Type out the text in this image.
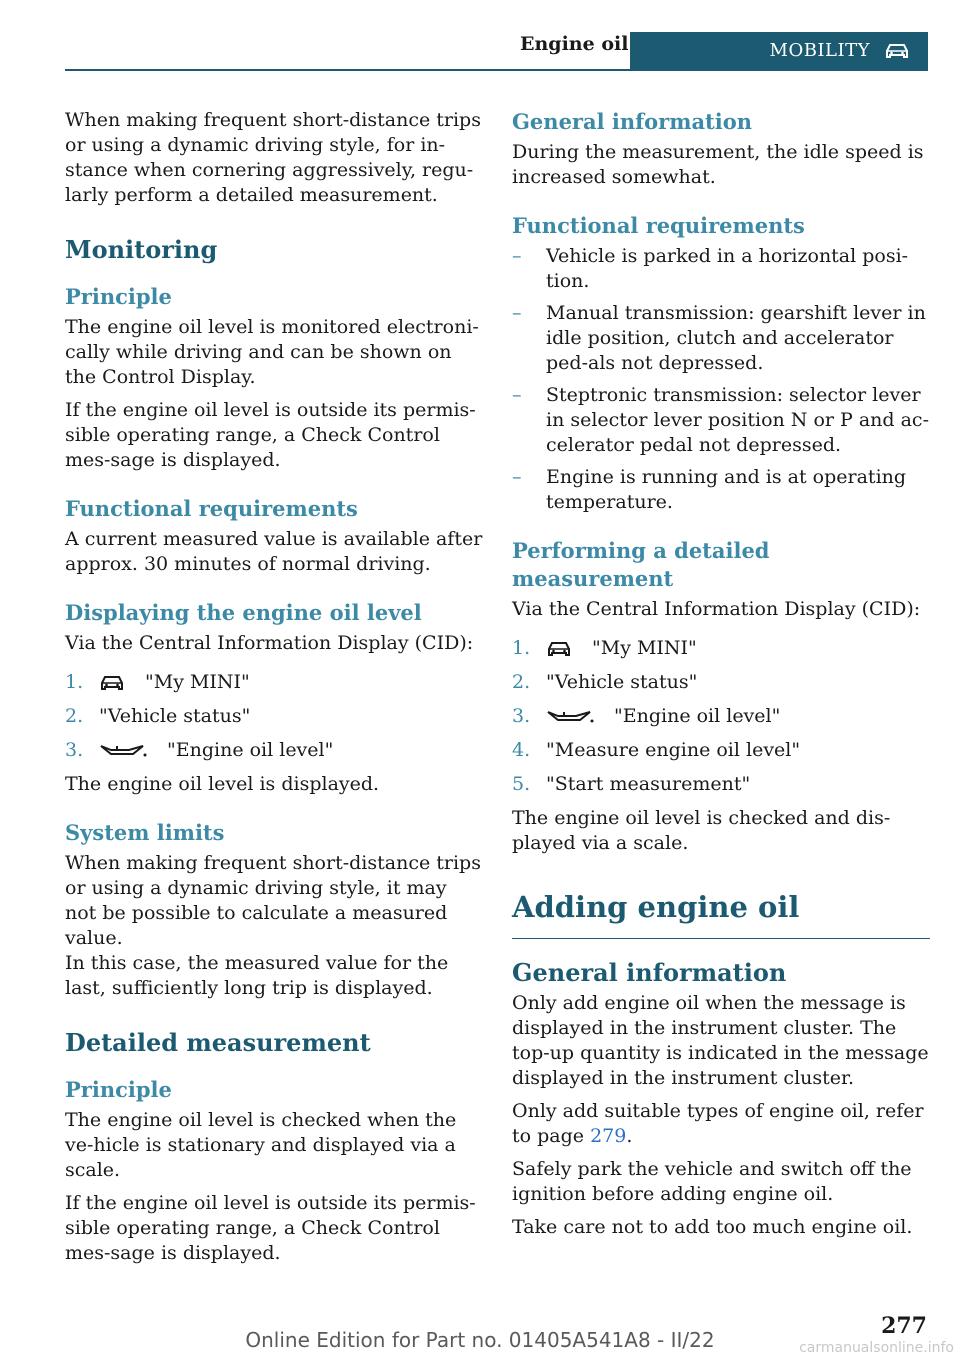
Engine oil	MOBILITY

When making frequent short-distance trips or using a dynamic driving style, for in-stance when cornering aggressively, regu-larly perform a detailed measurement.

Monitoring
Principle

The engine oil level is monitored electroni-cally while driving and can be shown on the Control Display.

If the engine oil level is outside its permis-sible operating range, a Check Control mes-sage is displayed.

Functional requirements

A current measured value is available after approx. 30 minutes of normal driving.

Displaying the engine oil level

Via the Central Information Display (CID):

1.	"My MINI"
2. "Vehicle status"
3.	"Engine oil level"

The engine oil level is displayed.

System limits

When making frequent short-distance trips or using a dynamic driving style, it may not be possible to calculate a measured value.

In this case, the measured value for the last, sufficiently long trip is displayed.

Detailed measurement
Principle

The engine oil level is checked when the ve-hicle is stationary and displayed via a scale.

If the engine oil level is outside its permis-sible operating range, a Check Control mes-sage is displayed.

General information

During the measurement, the idle speed is increased somewhat.

Functional requirements
– Vehicle is parked in a horizontal posi-tion.
– Manual transmission: gearshift lever in idle position, clutch and accelerator ped-als not depressed.
– Steptronic transmission: selector lever in selector lever position N or P and ac-celerator pedal not depressed.
– Engine is running and is at operating temperature.
Performing a detailed measurement

Via the Central Information Display (CID):

1.	"My MINI"
2. "Vehicle status"
3.	"Engine oil level"
4. "Measure engine oil level"
5. "Start measurement"

The engine oil level is checked and dis-played via a scale.

Adding engine oil
General information

Only add engine oil when the message is displayed in the instrument cluster. The top-up quantity is indicated in the message displayed in the instrument cluster.

Only add suitable types of engine oil, refer to page 279.

Safely park the vehicle and switch off the ignition before adding engine oil.

Take care not to add too much engine oil.

277
Online Edition for Part no. 01405A541A8 - II/22	carmanualsonline.info
